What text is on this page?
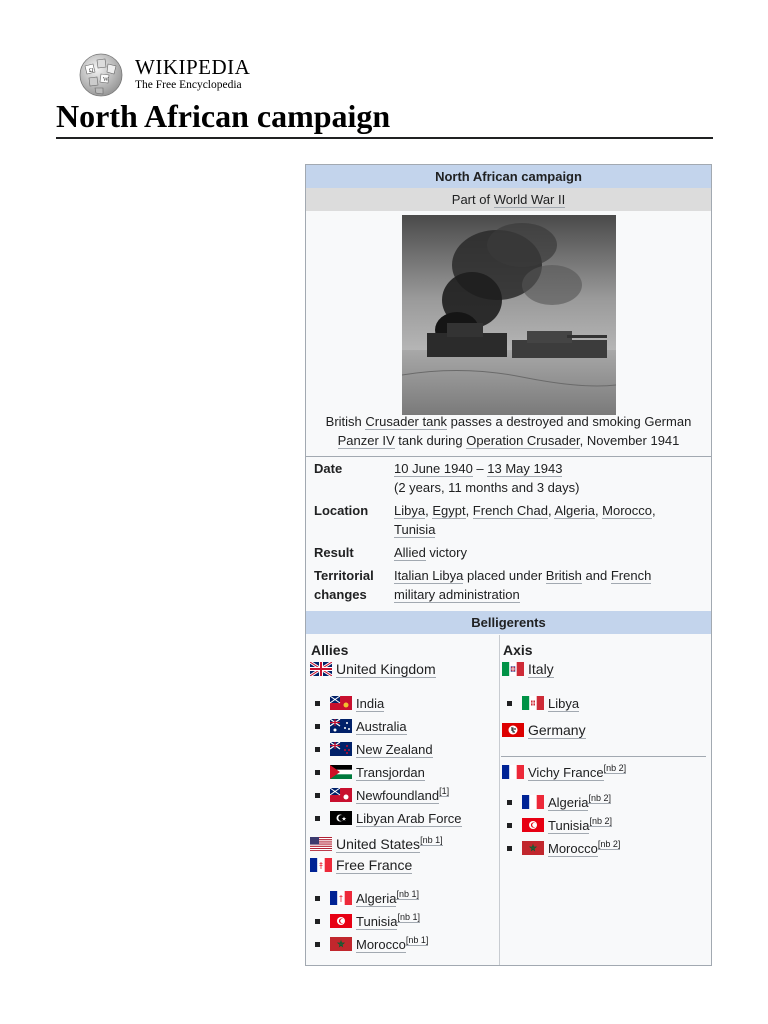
Ω
W
WIKIPEDIA
The Free Encyclopedia
North African campaign
North African campaign
Part of World War II
British Crusader tank passes a destroyed and smoking German
Panzer IV tank during Operation Crusader, November 1941
Date	10 June 1940 – 13 May 1943
(2 years, 11 months and 3 days)
Location Libya, Egypt, French Chad, Algeria, Morocco,
Tunisia
Result	Allied victory
Territorial
changes
Italian Libya placed under British and French
military administration
Belligerents
Allies
United Kingdom
India
Australia
New Zealand
Transjordan
Newfoundland[1]
Libyan Arab Force
United States[nb 1]
Free France
Algeria[nb 1]
Tunisia[nb 1]
Morocco[nb 1]
Axis
Italy
Libya
Germany
Vichy France[nb 2]
Algeria[nb 2]
Tunisia[nb 2]
Morocco[nb 2]
